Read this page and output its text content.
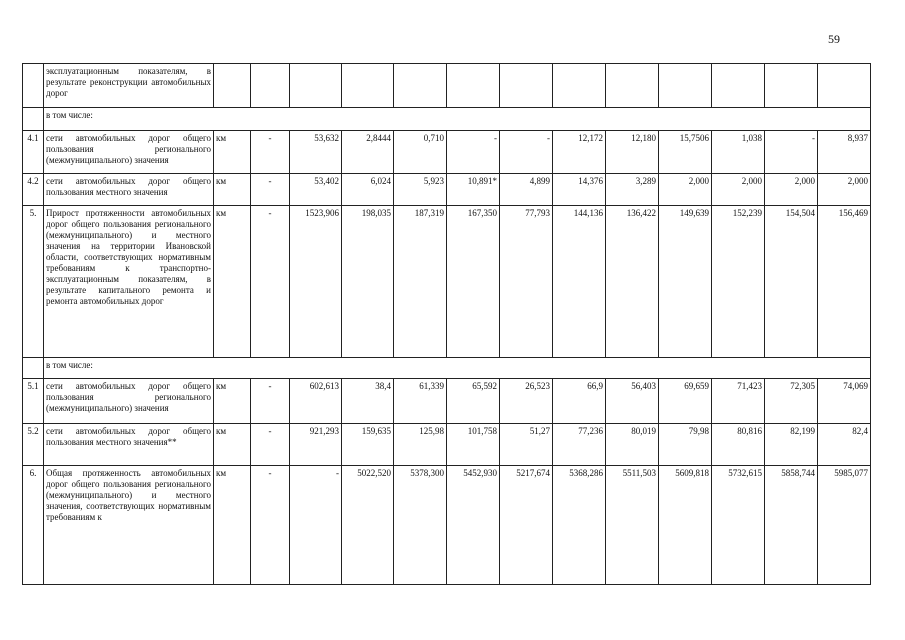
59
	эксплуатационным показателям, в результате реконструкции автомобильных дорог													
	в том числе:													
4.1	сети автомобильных дорог общего пользования регионального (межмуниципального) значения	км	-	53,632	2,8444	0,710	-	-	12,172	12,180	15,7506	1,038	-	8,937
4.2	сети автомобильных дорог общего пользования местного значения	км	-	53,402	6,024	5,923	10,891*	4,899	14,376	3,289	2,000	2,000	2,000	2,000
5.	Прирост протяженности автомобильных дорог общего пользования регионального (межмуниципального) и местного значения на территории Ивановской области, соответствующих нормативным требованиям к транспортно-эксплуатационным показателям, в результате капитального ремонта и ремонта автомобильных дорог	км	-	1523,906	198,035	187,319	167,350	77,793	144,136	136,422	149,639	152,239	154,504	156,469
	в том числе:													
5.1	сети автомобильных дорог общего пользования регионального (межмуниципального) значения	км	-	602,613	38,4	61,339	65,592	26,523	66,9	56,403	69,659	71,423	72,305	74,069
5.2	сети автомобильных дорог общего пользования местного значения**	км	-	921,293	159,635	125,98	101,758	51,27	77,236	80,019	79,98	80,816	82,199	82,4
6.	Общая протяженность автомобильных дорог общего пользования регионального (межмуниципального) и местного значения, соответствующих нормативным требованиям к	км	-	-	5022,520	5378,300	5452,930	5217,674	5368,286	5511,503	5609,818	5732,615	5858,744	5985,077
